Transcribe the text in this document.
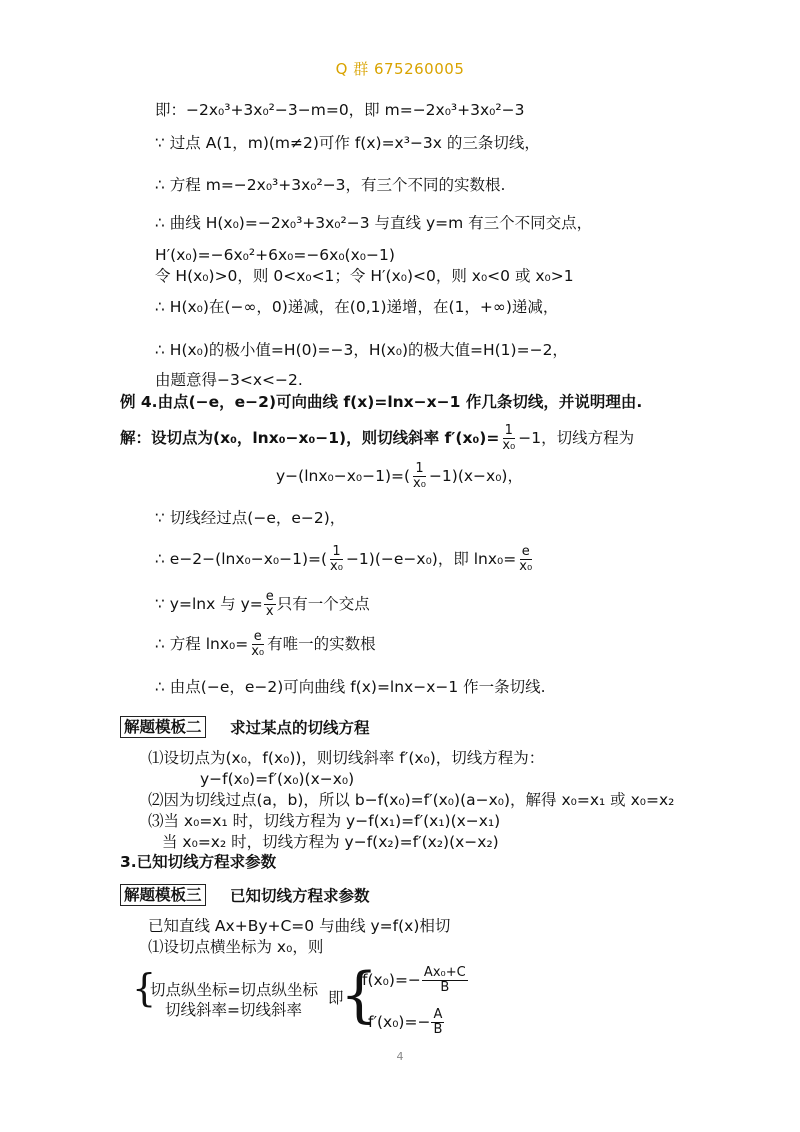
Q 群 675260005
即：−2x₀³+3x₀²−3−m=0，即 m=−2x₀³+3x₀²−3
∵ 过点 A(1，m)(m≠2)可作 f(x)=x³−3x 的三条切线，
∴ 方程 m=−2x₀³+3x₀²−3，有三个不同的实数根.
∴ 曲线 H(x₀)=−2x₀³+3x₀²−3 与直线 y=m 有三个不同交点，
H′(x₀)=−6x₀²+6x₀=−6x₀(x₀−1)
令 H(x₀)>0，则 0<x₀<1；令 H′(x₀)<0，则 x₀<0 或 x₀>1
∴ H(x₀)在(−∞，0)递减，在(0,1)递增，在(1，+∞)递减，
∴ H(x₀)的极小值=H(0)=−3，H(x₀)的极大值=H(1)=−2，
由题意得−3<x<−2.
例 4.由点(−e，e−2)可向曲线 f(x)=lnx−x−1 作几条切线，并说明理由.
解：设切点为(x₀，lnx₀−x₀−1)，则切线斜率 $f'(x_0)= \frac{1}{\text{x₀}} -1$，切线方程为
$y-(\ln x_0-x_0-1)=( \frac{1}{\text{x₀}} -1)(x-x_0)$，
∵ 切线经过点(−e，e−2)，
∴ $e-2-(\ln x_0-x_0-1)=( \frac{1}{\text{x₀}} -1)(-e-x_0)$，即 $\ln x_0= \frac{e}{\text{x₀}}$
∵ y=lnx 与 $y= \frac{e}{x}$ 只有一个交点
∴ 方程 $\ln x_0= \frac{e}{\text{x₀}}$ 有唯一的实数根
∴ 由点(−e，e−2)可向曲线 f(x)=lnx−x−1 作一条切线.
解题模板二 求过某点的切线方程
⑴设切点为(x₀，f(x₀))，则切线斜率 f′(x₀)，切线方程为：
y−f(x₀)=f′(x₀)(x−x₀)
⑵因为切线过点(a，b)，所以 b−f(x₀)=f′(x₀)(a−x₀)，解得 x₀=x₁ 或 x₀=x₂
⑶当 x₀=x₁ 时，切线方程为 y−f(x₁)=f′(x₁)(x−x₁)
当 x₀=x₂ 时，切线方程为 y−f(x₂)=f′(x₂)(x−x₂)
3.已知切线方程求参数
解题模板三 已知切线方程求参数
已知直线 Ax+By+C=0 与曲线 y=f(x)相切
⑴设切点横坐标为 x₀，则
{
切点纵坐标=切点纵坐标
切线斜率=切线斜率
即
{
$f(x_0)=- \frac{\text{Ax₀+C}}{B}$
$f'(x_0)=- \frac{A}{B}$
4
